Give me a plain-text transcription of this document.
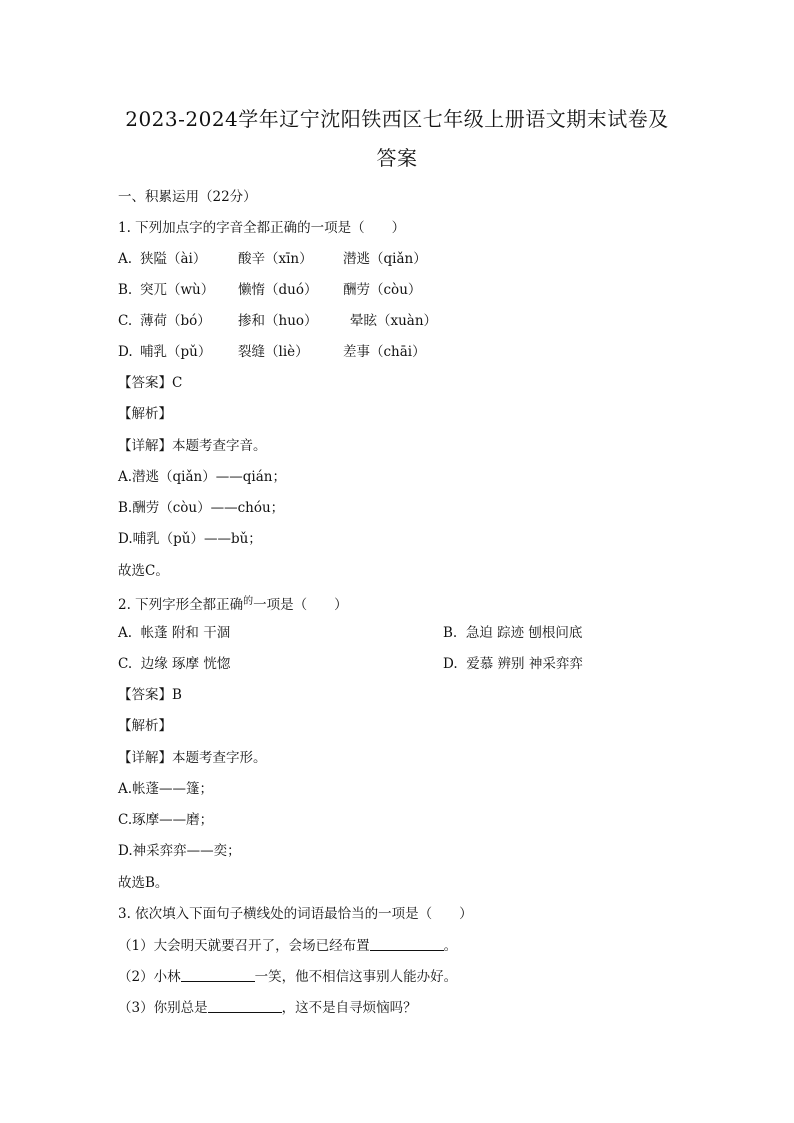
2023-2024学年辽宁沈阳铁西区七年级上册语文期末试卷及
答案
一、积累运用（22分）
1. 下列加点字的字音全都正确的一项是（　　）
A. 狭隘（ài） 酸辛（xīn） 潜逃（qiǎn）
B. 突兀（wù） 懒惰（duó） 酬劳（còu）
C. 薄荷（bó） 掺和（huo） 晕眩（xuàn）
D. 哺乳（pǔ） 裂缝（liè）	差事（chāi）
【答案】C
【解析】
【详解】本题考查字音。
A.潜逃（qiǎn）——qián；
B.酬劳（còu）——chóu；
D.哺乳（pǔ）——bǔ；
故选C。
2. 下列字形全都正确$^的$一项是（　　）
A. 帐蓬 附和 干涸	B. 急迫 踪迹 刨根问底
C. 边缘 琢摩 恍惚	D. 爱慕 辨别 神采弈弈
【答案】B
【解析】
【详解】本题考查字形。
A.帐蓬——篷；
C.琢摩——磨；
D.神采弈弈——奕；
故选B。
3. 依次填入下面句子横线处的词语最恰当的一项是（　　）
（1）大会明天就要召开了，会场已经布置	。
（2）小林	一笑，他不相信这事别人能办好。
（3）你别总是	，这不是自寻烦恼吗？
